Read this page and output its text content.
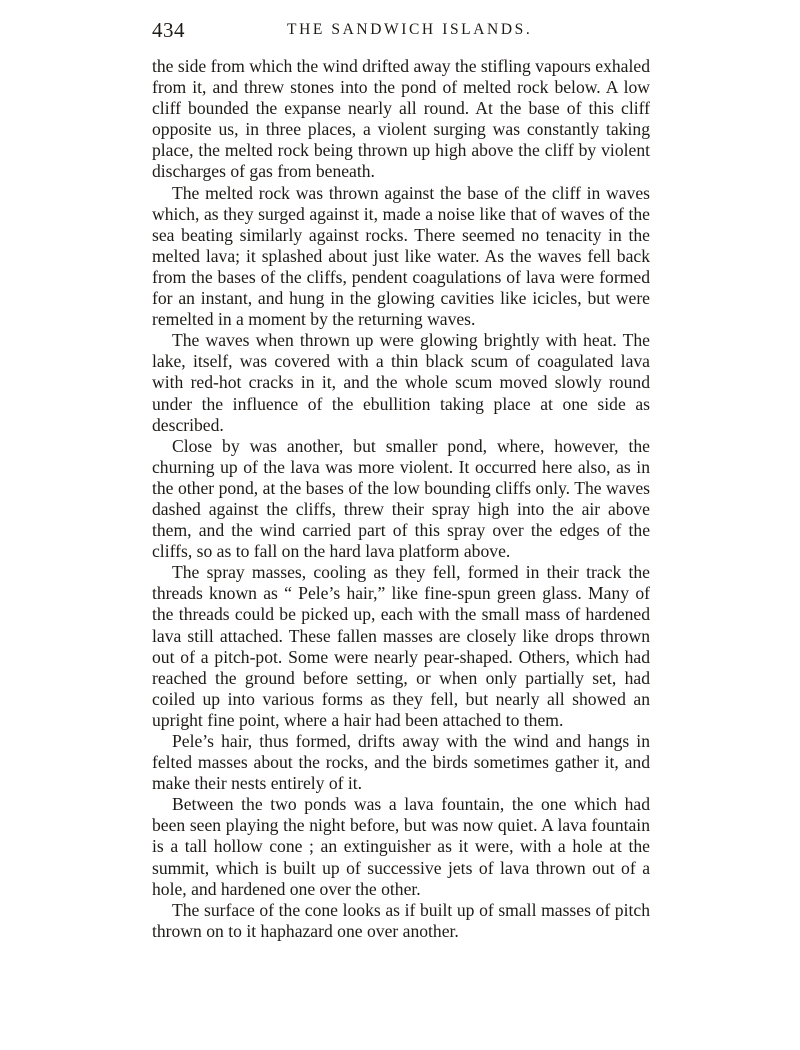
434	THE SANDWICH ISLANDS.

the side from which the wind drifted away the stifling vapours exhaled from it, and threw stones into the pond of melted rock below. A low cliff bounded the expanse nearly all round. At the base of this cliff opposite us, in three places, a violent surging was constantly taking place, the melted rock being thrown up high above the cliff by violent discharges of gas from beneath.

The melted rock was thrown against the base of the cliff in waves which, as they surged against it, made a noise like that of waves of the sea beating similarly against rocks. There seemed no tenacity in the melted lava; it splashed about just like water. As the waves fell back from the bases of the cliffs, pendent coagulations of lava were formed for an instant, and hung in the glowing cavities like icicles, but were remelted in a moment by the returning waves.

The waves when thrown up were glowing brightly with heat. The lake, itself, was covered with a thin black scum of coagulated lava with red-hot cracks in it, and the whole scum moved slowly round under the influence of the ebullition taking place at one side as described.

Close by was another, but smaller pond, where, however, the churning up of the lava was more violent. It occurred here also, as in the other pond, at the bases of the low bounding cliffs only. The waves dashed against the cliffs, threw their spray high into the air above them, and the wind carried part of this spray over the edges of the cliffs, so as to fall on the hard lava platform above.

The spray masses, cooling as they fell, formed in their track the threads known as “ Pele’s hair,” like fine-spun green glass. Many of the threads could be picked up, each with the small mass of hardened lava still attached. These fallen masses are closely like drops thrown out of a pitch-pot. Some were nearly pear-shaped. Others, which had reached the ground before setting, or when only partially set, had coiled up into various forms as they fell, but nearly all showed an upright fine point, where a hair had been attached to them.

Pele’s hair, thus formed, drifts away with the wind and hangs in felted masses about the rocks, and the birds sometimes gather it, and make their nests entirely of it.

Between the two ponds was a lava fountain, the one which had been seen playing the night before, but was now quiet. A lava fountain is a tall hollow cone ; an extinguisher as it were, with a hole at the summit, which is built up of successive jets of lava thrown out of a hole, and hardened one over the other.

The surface of the cone looks as if built up of small masses of pitch thrown on to it haphazard one over another.
